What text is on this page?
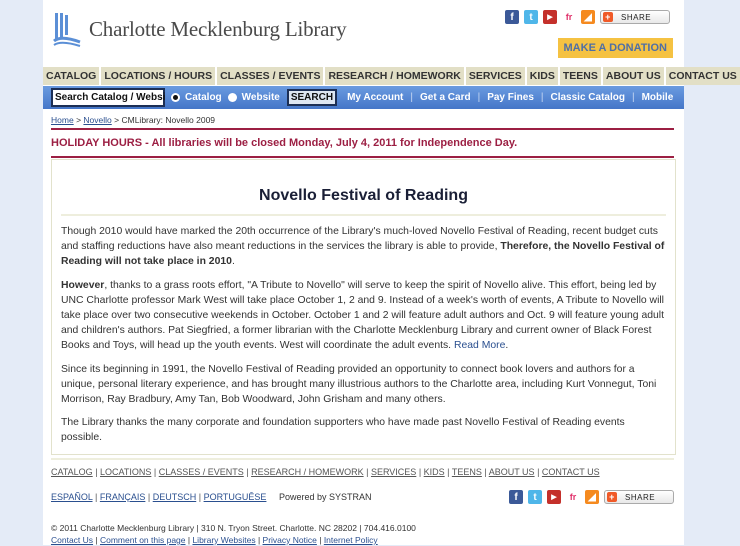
Charlotte Mecklenburg Library	f	t	▶	fr	◢	+ SHARE
MAKE A DONATION
CATALOG LOCATIONS / HOURS CLASSES / EVENTS RESEARCH / HOMEWORK SERVICES KIDS TEENS ABOUT US CONTACT US
Search Catalog / Websi Catalog Website	SEARCH	My Account | Get a Card | Pay Fines | Classic Catalog | Mobile
Home > Novello > CMLibrary: Novello 2009
HOLIDAY HOURS - All libraries will be closed Monday, July 4, 2011 for Independence Day.
Novello Festival of Reading

Though 2010 would have marked the 20th occurrence of the Library's much-loved Novello Festival of Reading, recent budget cuts and staffing reductions have also meant reductions in the services the library is able to provide, Therefore, the Novello Festival of Reading will not take place in 2010.

However, thanks to a grass roots effort, "A Tribute to Novello" will serve to keep the spirit of Novello alive. This effort, being led by UNC Charlotte professor Mark West will take place October 1, 2 and 9. Instead of a week's worth of events, A Tribute to Novello will take place over two consecutive weekends in October. October 1 and 2 will feature adult authors and Oct. 9 will feature young adult and children's authors. Pat Siegfried, a former librarian with the Charlotte Mecklenburg Library and current owner of Black Forest Books and Toys, will head up the youth events. West will coordinate the adult events. Read More.

Since its beginning in 1991, the Novello Festival of Reading provided an opportunity to connect book lovers and authors for a unique, personal literary experience, and has brought many illustrious authors to the Charlotte area, including Kurt Vonnegut, Toni Morrison, Ray Bradbury, Amy Tan, Bob Woodward, John Grisham and many others.

The Library thanks the many corporate and foundation supporters who have made past Novello Festival of Reading events possible.

CATALOG | LOCATIONS | CLASSES / EVENTS | RESEARCH / HOMEWORK | SERVICES | KIDS | TEENS | ABOUT US | CONTACT US
ESPAÑOL | FRANÇAIS | DEUTSCH | PORTUGUÊSE Powered by SYSTRAN	f	t	▶	fr	◢	+ SHARE
© 2011 Charlotte Mecklenburg Library | 310 N. Tryon Street. Charlotte. NC 28202 | 704.416.0100
Contact Us | Comment on this page | Library Websites | Privacy Notice | Internet Policy
